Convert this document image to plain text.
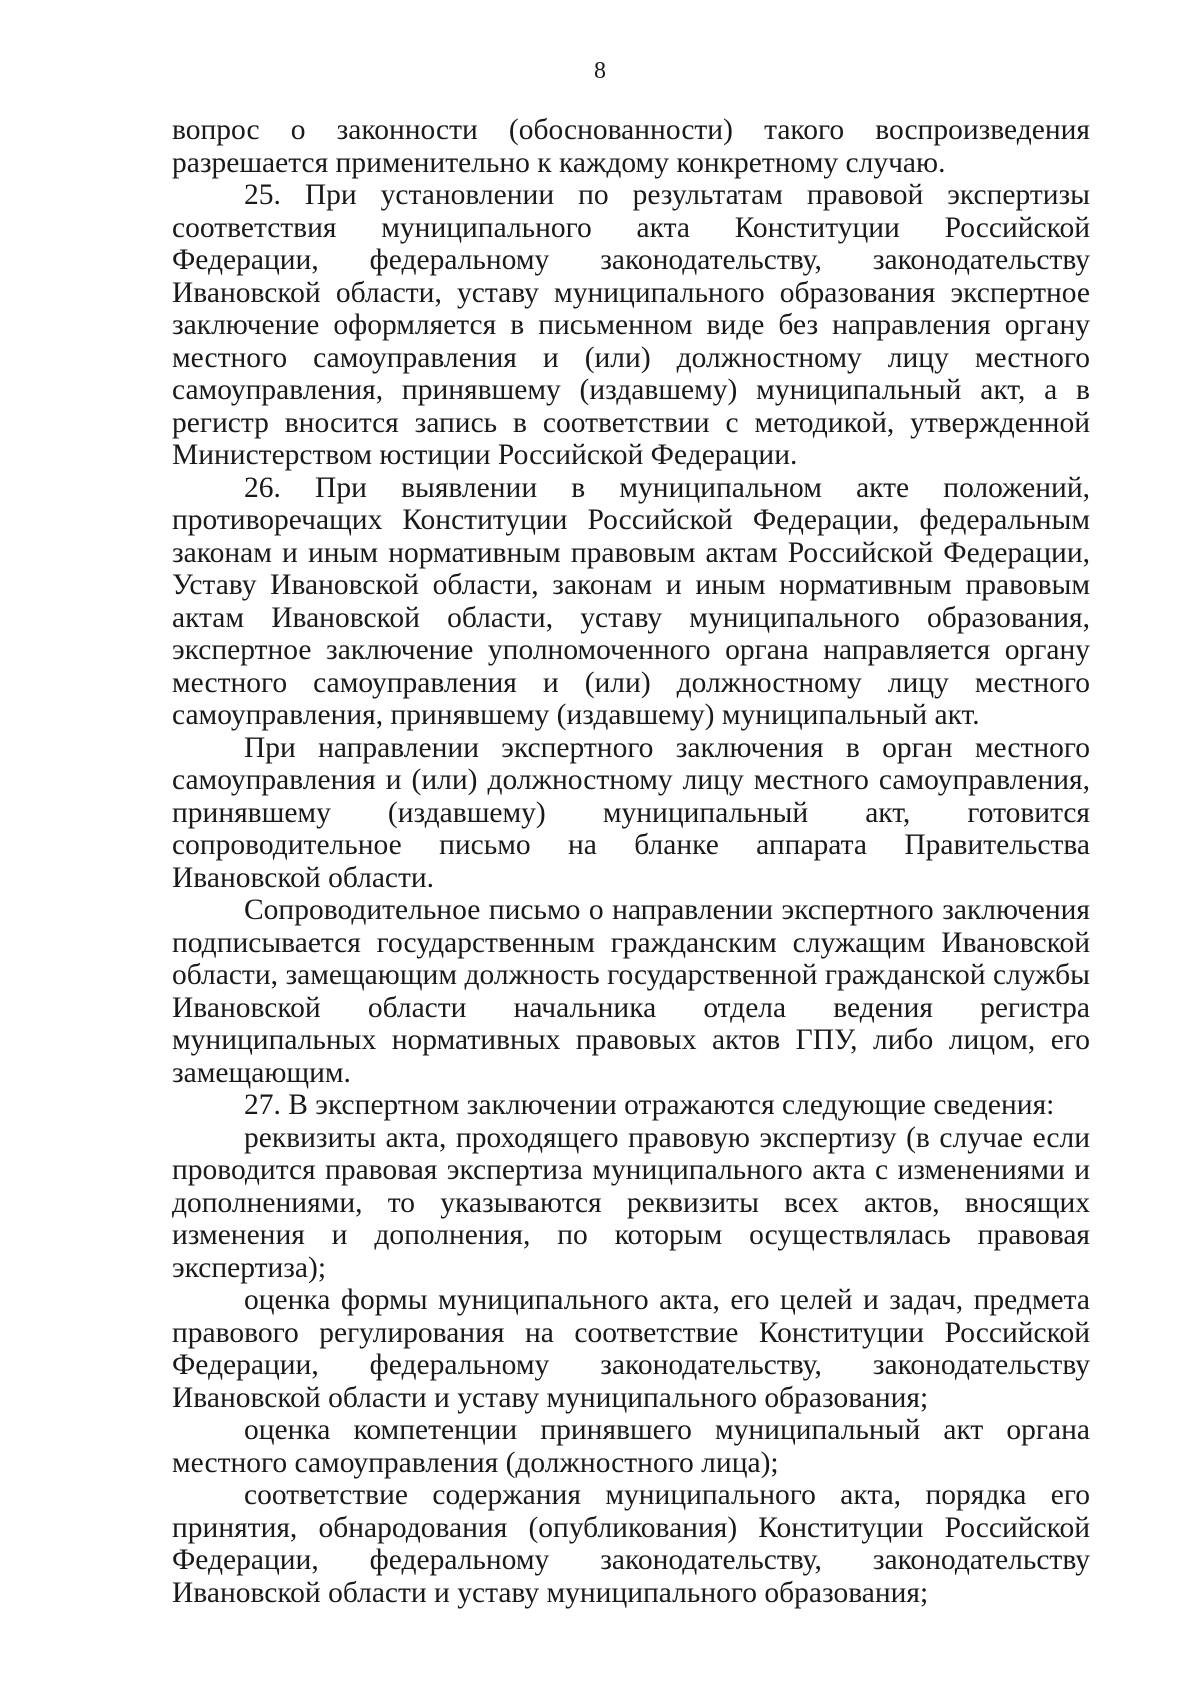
8

вопрос о законности (обоснованности) такого воспроизведения разрешается применительно к каждому конкретному случаю.

25. При установлении по результатам правовой экспертизы соответствия муниципального акта Конституции Российской Федерации, федеральному законодательству, законодательству Ивановской области, уставу муниципального образования экспертное заключение оформляется в письменном виде без направления органу местного самоуправления и (или) должностному лицу местного самоуправления, принявшему (издавшему) муниципальный акт, а в регистр вносится запись в соответствии с методикой, утвержденной Министерством юстиции Российской Федерации.

26. При выявлении в муниципальном акте положений, противоречащих Конституции Российской Федерации, федеральным законам и иным нормативным правовым актам Российской Федерации, Уставу Ивановской области, законам и иным нормативным правовым актам Ивановской области, уставу муниципального образования, экспертное заключение уполномоченного органа направляется органу местного самоуправления и (или) должностному лицу местного самоуправления, принявшему (издавшему) муниципальный акт.

При направлении экспертного заключения в орган местного самоуправления и (или) должностному лицу местного самоуправления, принявшему (издавшему) муниципальный акт, готовится сопроводительное письмо на бланке аппарата Правительства Ивановской области.

Сопроводительное письмо о направлении экспертного заключения подписывается государственным гражданским служащим Ивановской области, замещающим должность государственной гражданской службы Ивановской области начальника отдела ведения регистра муниципальных нормативных правовых актов ГПУ, либо лицом, его замещающим.

27. В экспертном заключении отражаются следующие сведения:

реквизиты акта, проходящего правовую экспертизу (в случае если проводится правовая экспертиза муниципального акта с изменениями и дополнениями, то указываются реквизиты всех актов, вносящих изменения и дополнения, по которым осуществлялась правовая экспертиза);

оценка формы муниципального акта, его целей и задач, предмета правового регулирования на соответствие Конституции Российской Федерации, федеральному законодательству, законодательству Ивановской области и уставу муниципального образования;

оценка компетенции принявшего муниципальный акт органа местного самоуправления (должностного лица);

соответствие содержания муниципального акта, порядка его принятия, обнародования (опубликования) Конституции Российской Федерации, федеральному законодательству, законодательству Ивановской области и уставу муниципального образования;
